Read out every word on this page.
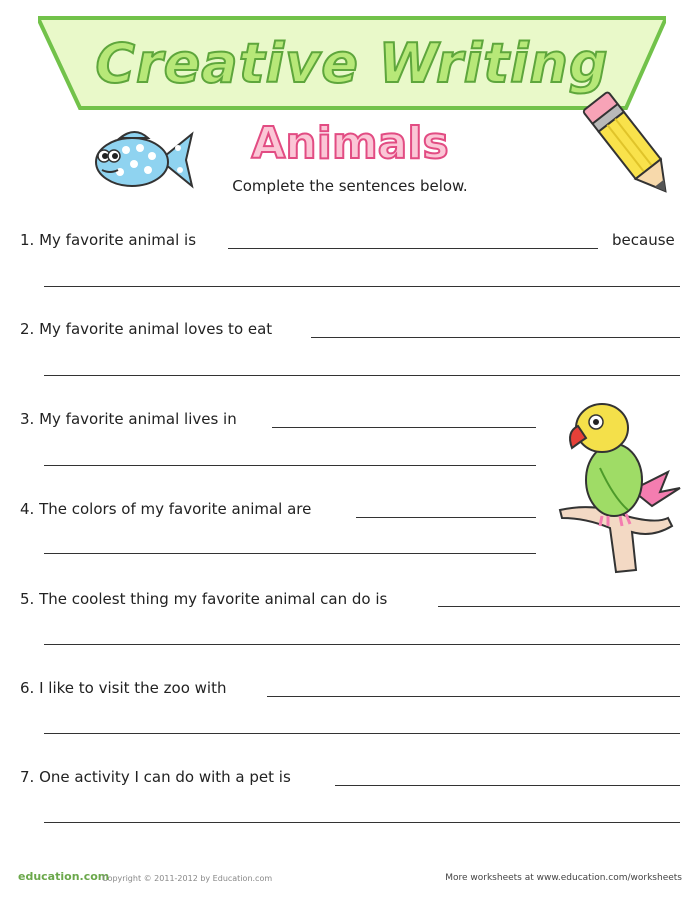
Creative Writing
Animals
Complete the sentences below.
1. My favorite animal is	because
2. My favorite animal loves to eat
3. My favorite animal lives in
4. The colors of my favorite animal are
5. The coolest thing my favorite animal can do is
6. I like to visit the zoo with
7. One activity I can do with a pet is
education.com
Copyright © 2011-2012 by Education.com	More worksheets at www.education.com/worksheets
